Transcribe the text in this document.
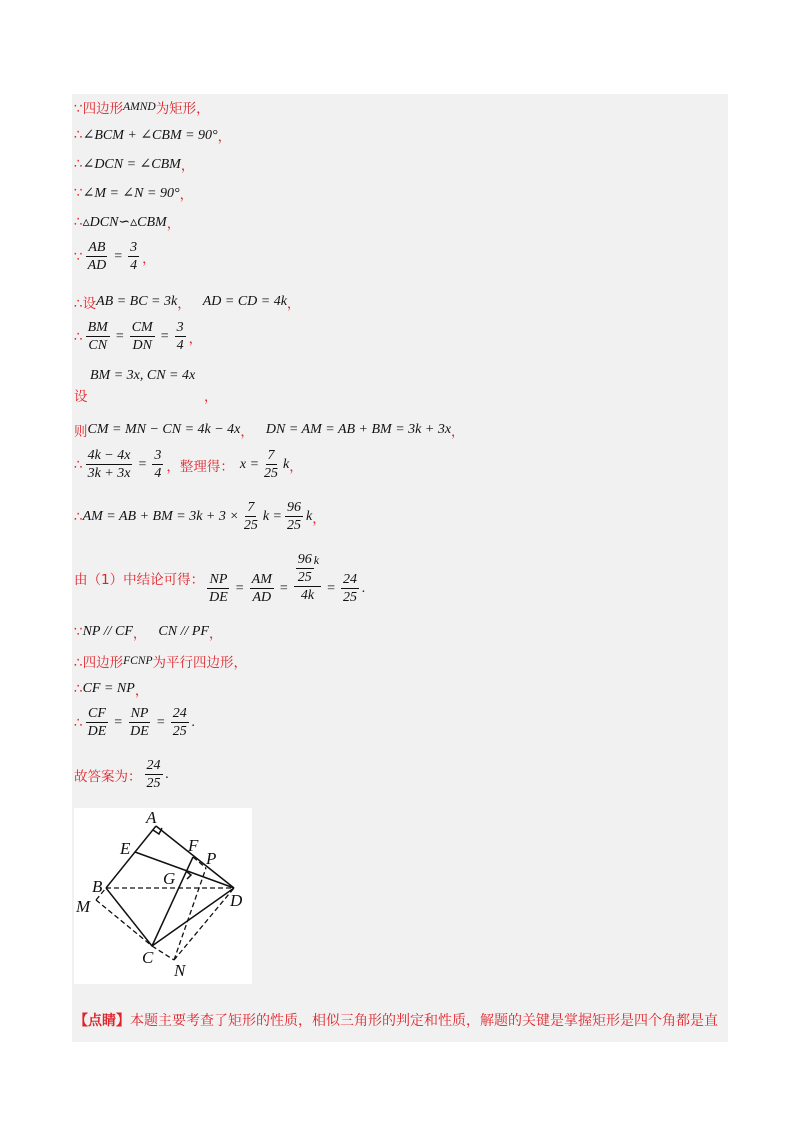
∵四边形 AMND 为矩形，
∴ ∠BCM + ∠CBM = 90° ，
∴ ∠DCN = ∠CBM ，
∵ ∠M = ∠N = 90° ，
∴ ▵DCN∽▵CBM ，
∵ $\frac{AB}{AD} = \frac{3}{4}$ ，
∴设 AB = BC = 3k ， AD = CD = 4k ，
∴ $\frac{BM}{CN} = \frac{CM}{DN} = \frac{3}{4}$ ，
BM = 3x, CN = 4x
设	，
则 CM = MN − CN = 4k − 4x ， DN = AM = AB + BM = 3k + 3x ，
∴ $\frac{4k - 4x}{3k + 3x} = \frac{3}{4}$ ，整理得： $x = \frac{7}{25}$ k ，
∴ AM = AB + BM = $3k + 3 \times \frac{7}{25}$ $k = \frac{96}{25}$ k ，
由（1）中结论可得： $\frac{NP}{DE} = \frac{AM}{AD} = \frac{\frac{96}{25} k}{4k} = \frac{24}{25}$ .
∵ NP // CF ， CN // PF ，
∴四边形 FCNP 为平行四边形，
∴ CF = NP ，
∴ $\frac{CF}{DE} = \frac{NP}{DE} = \frac{24}{25}$ .
故答案为： $\frac{24}{25}$ .
A
E	F
P
G
B
D
M
C
N
【点睛】本题主要考查了矩形的性质，相似三角形的判定和性质，解题的关键是掌握矩形是四个角都是直
